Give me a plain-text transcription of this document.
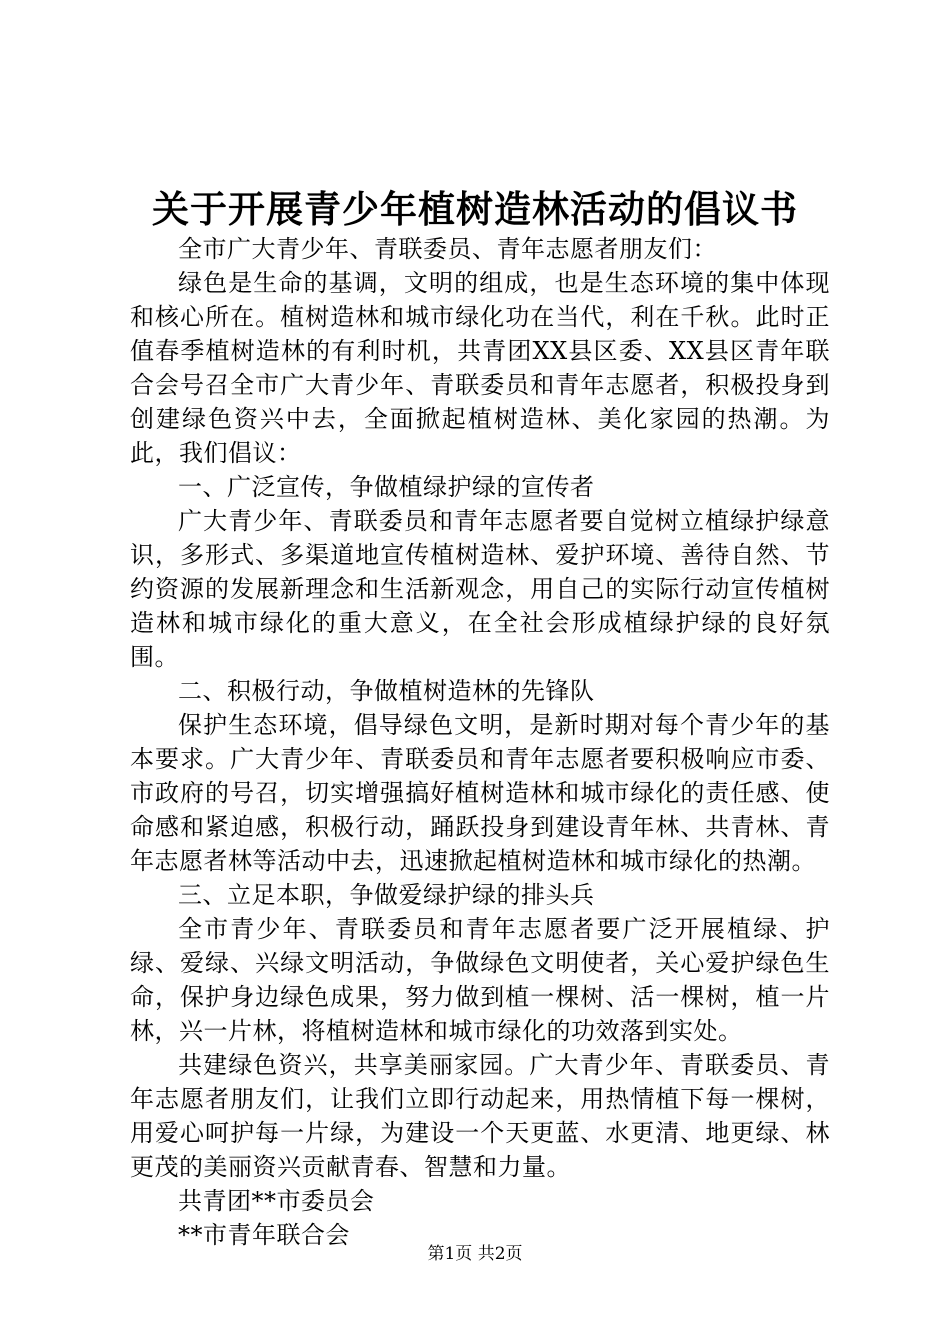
关于开展青少年植树造林活动的倡议书

全市广大青少年、青联委员、青年志愿者朋友们：

绿色是生命的基调，文明的组成，也是生态环境的集中体现和核心所在。植树造林和城市绿化功在当代，利在千秋。此时正值春季植树造林的有利时机，共青团XX县区委、XX县区青年联合会号召全市广大青少年、青联委员和青年志愿者，积极投身到创建绿色资兴中去，全面掀起植树造林、美化家园的热潮。为此，我们倡议：

一、广泛宣传，争做植绿护绿的宣传者

广大青少年、青联委员和青年志愿者要自觉树立植绿护绿意识，多形式、多渠道地宣传植树造林、爱护环境、善待自然、节约资源的发展新理念和生活新观念，用自己的实际行动宣传植树造林和城市绿化的重大意义，在全社会形成植绿护绿的良好氛围。

二、积极行动，争做植树造林的先锋队

保护生态环境，倡导绿色文明，是新时期对每个青少年的基本要求。广大青少年、青联委员和青年志愿者要积极响应市委、市政府的号召，切实增强搞好植树造林和城市绿化的责任感、使命感和紧迫感，积极行动，踊跃投身到建设青年林、共青林、青年志愿者林等活动中去，迅速掀起植树造林和城市绿化的热潮。

三、立足本职，争做爱绿护绿的排头兵

全市青少年、青联委员和青年志愿者要广泛开展植绿、护绿、爱绿、兴绿文明活动，争做绿色文明使者，关心爱护绿色生命，保护身边绿色成果，努力做到植一棵树、活一棵树，植一片林，兴一片林，将植树造林和城市绿化的功效落到实处。

共建绿色资兴，共享美丽家园。广大青少年、青联委员、青年志愿者朋友们，让我们立即行动起来，用热情植下每一棵树，用爱心呵护每一片绿，为建设一个天更蓝、水更清、地更绿、林更茂的美丽资兴贡献青春、智慧和力量。

共青团**市委员会

**市青年联合会

第1页 共2页
